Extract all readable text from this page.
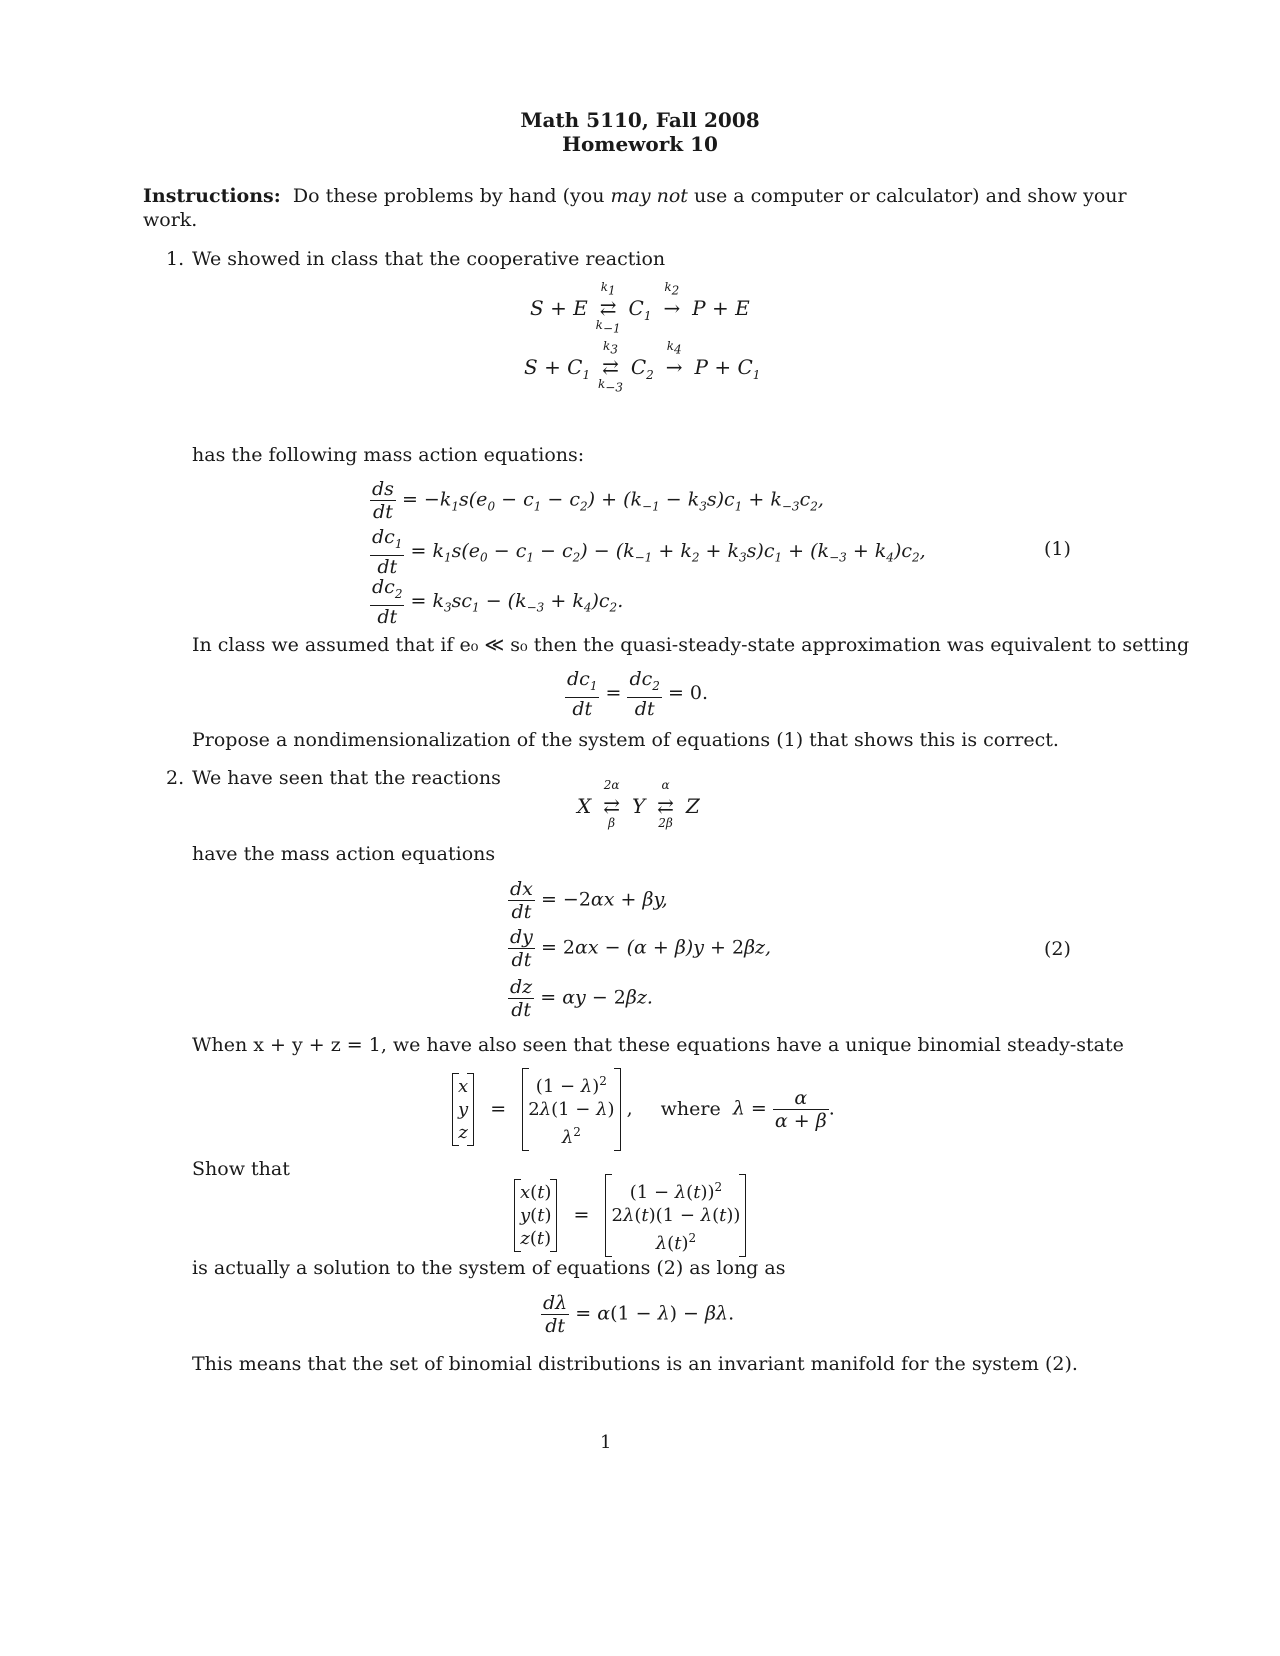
Math 5110, Fall 2008
Homework 10
Instructions: Do these problems by hand (you may not use a computer or calculator) and show your
work.
1. We showed in class that the cooperative reaction
S + E ⇄
$k_1$
$k_{-1}$
$C_1$ →
$k_2$
P + E
$S + C_1$ ⇄
$k_3$
$k_{-3}$
$C_2$ →
$k_4$
$P + C_1$
has the following mass action equations:
$\frac{ds}{dt} = -k_1s(e_0 - c_1 - c_2) + (k_{-1} - k_3s)c_1 + k_{-3}c_2$,
$\frac{dc_1}{dt} = k_1s(e_0 - c_1 - c_2) - (k_{-1} + k_2 + k_3s)c_1 + (k_{-3} + k_4)c_2$,
$\frac{dc_2}{dt} = k_3sc_1 - (k_{-3} + k_4)c_2$.
(1)
In class we assumed that if e₀ ≪ s₀ then the quasi-steady-state approximation was equivalent to setting
$\frac{dc_1}{dt} = \frac{dc_2}{dt} = 0$.
Propose a nondimensionalization of the system of equations (1) that shows this is correct.
2. We have seen that the reactions
X ⇄
2α
β
Y ⇄
α
2β
Z
have the mass action equations
$\frac{dx}{dt} = -2\alpha x + \beta y$,
$\frac{dy}{dt} = 2\alpha x - (\alpha + \beta)y + 2\beta z$,
$\frac{dz}{dt} = \alpha y - 2\beta z$.
(2)
When x + y + z = 1, we have also seen that these equations have a unique binomial steady-state
x
y
$z = (1 - \lambda)^2$
2λ(1 − λ)
$\lambda^2$ , where  $\lambda = \frac{\alpha}{\alpha + \beta}$ .
Show that
x(t)
y(t)
$z(t) = (1 - \lambda(t))^2$
2λ(t)(1 − λ(t))
$\lambda(t)^2$
is actually a solution to the system of equations (2) as long as
$\frac{d\lambda}{dt} = \alpha(1 - \lambda) - \beta\lambda$.
This means that the set of binomial distributions is an invariant manifold for the system (2).
1
